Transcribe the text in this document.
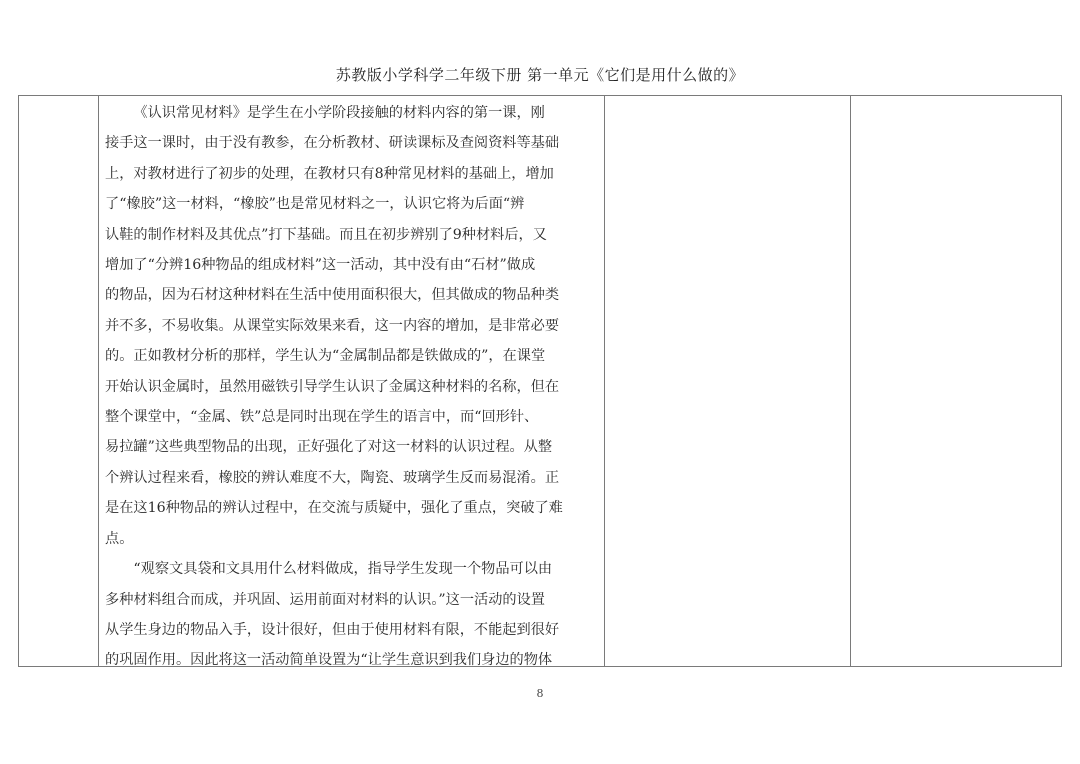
苏教版小学科学二年级下册 第一单元《它们是用什么做的》

《认识常见材料》是学生在小学阶段接触的材料内容的第一课，刚

接手这一课时，由于没有教参，在分析教材、研读课标及查阅资料等基础

上，对教材进行了初步的处理，在教材只有8种常见材料的基础上，增加

了“橡胶”这一材料，“橡胶”也是常见材料之一，认识它将为后面“辨

认鞋的制作材料及其优点”打下基础。而且在初步辨别了9种材料后，又

增加了“分辨16种物品的组成材料”这一活动，其中没有由“石材”做成

的物品，因为石材这种材料在生活中使用面积很大，但其做成的物品种类

并不多，不易收集。从课堂实际效果来看，这一内容的增加，是非常必要

的。正如教材分析的那样，学生认为“金属制品都是铁做成的”，在课堂

开始认识金属时，虽然用磁铁引导学生认识了金属这种材料的名称，但在

整个课堂中，“金属、铁”总是同时出现在学生的语言中，而“回形针、

易拉罐”这些典型物品的出现，正好强化了对这一材料的认识过程。从整

个辨认过程来看，橡胶的辨认难度不大，陶瓷、玻璃学生反而易混淆。正

是在这16种物品的辨认过程中，在交流与质疑中，强化了重点，突破了难

点。

“观察文具袋和文具用什么材料做成，指导学生发现一个物品可以由

多种材料组合而成，并巩固、运用前面对材料的认识。”这一活动的设置

从学生身边的物品入手，设计很好，但由于使用材料有限，不能起到很好

的巩固作用。因此将这一活动简单设置为“让学生意识到我们身边的物体

8
